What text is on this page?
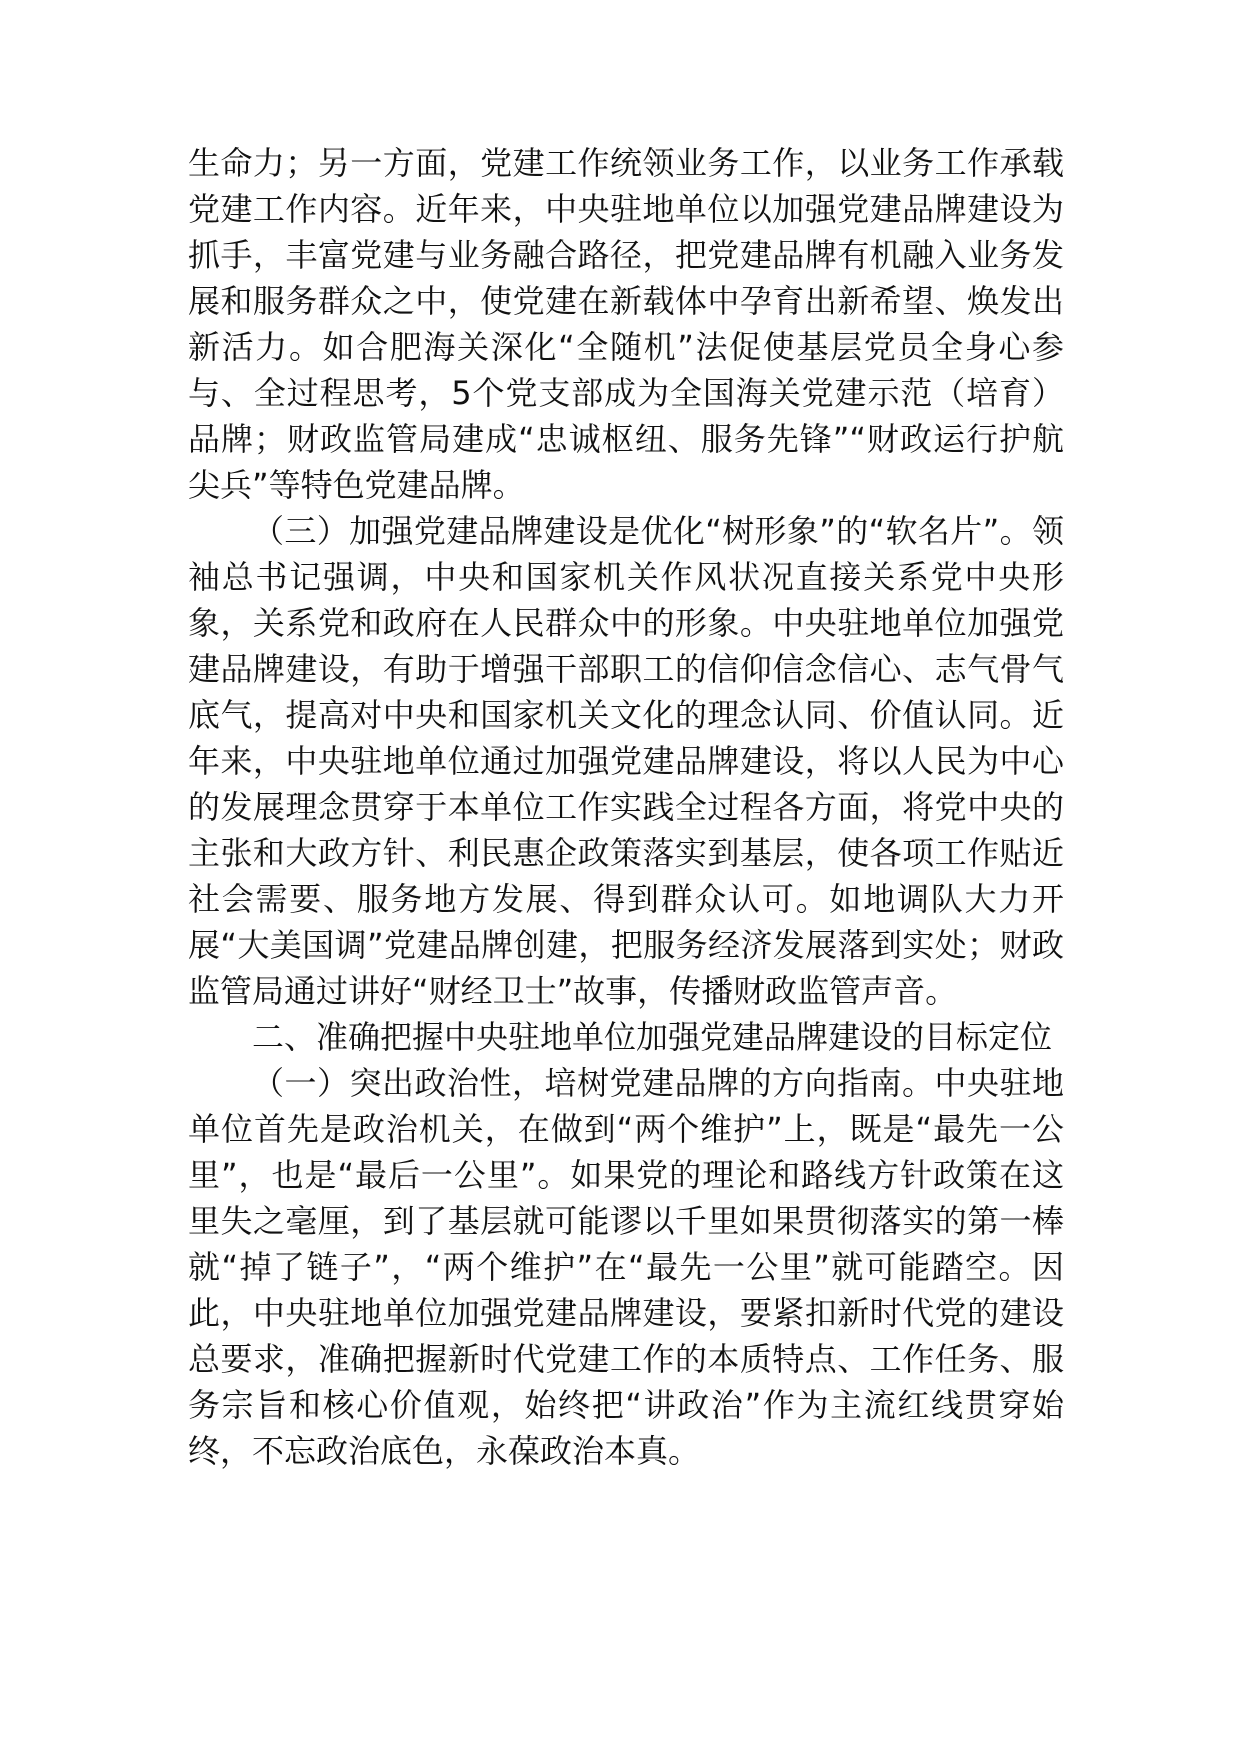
生命力；另一方面，党建工作统领业务工作，以业务工作承载党建工作内容。近年来，中央驻地单位以加强党建品牌建设为抓手，丰富党建与业务融合路径，把党建品牌有机融入业务发展和服务群众之中，使党建在新载体中孕育出新希望、焕发出新活力。如合肥海关深化“全随机”法促使基层党员全身心参与、全过程思考，5个党支部成为全国海关党建示范（培育）品牌；财政监管局建成“忠诚枢纽、服务先锋”“财政运行护航尖兵”等特色党建品牌。

（三）加强党建品牌建设是优化“树形象”的“软名片”。领袖总书记强调，中央和国家机关作风状况直接关系党中央形象，关系党和政府在人民群众中的形象。中央驻地单位加强党建品牌建设，有助于增强干部职工的信仰信念信心、志气骨气底气，提高对中央和国家机关文化的理念认同、价值认同。近年来，中央驻地单位通过加强党建品牌建设，将以人民为中心的发展理念贯穿于本单位工作实践全过程各方面，将党中央的主张和大政方针、利民惠企政策落实到基层，使各项工作贴近社会需要、服务地方发展、得到群众认可。如地调队大力开展“大美国调”党建品牌创建，把服务经济发展落到实处；财政监管局通过讲好“财经卫士”故事，传播财政监管声音。

二、准确把握中央驻地单位加强党建品牌建设的目标定位

（一）突出政治性，培树党建品牌的方向指南。中央驻地单位首先是政治机关，在做到“两个维护”上，既是“最先一公里”，也是“最后一公里”。如果党的理论和路线方针政策在这里失之毫厘，到了基层就可能谬以千里如果贯彻落实的第一棒就“掉了链子”，“两个维护”在“最先一公里”就可能踏空。因此，中央驻地单位加强党建品牌建设，要紧扣新时代党的建设总要求，准确把握新时代党建工作的本质特点、工作任务、服务宗旨和核心价值观，始终把“讲政治”作为主流红线贯穿始终，不忘政治底色，永葆政治本真。
